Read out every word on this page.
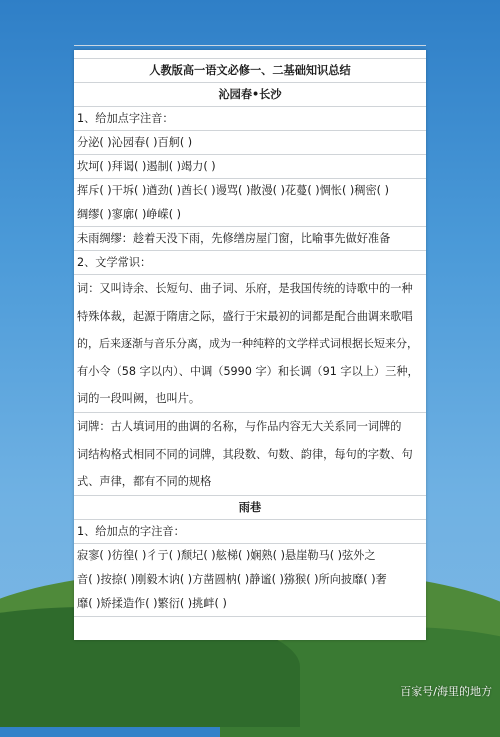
人教版高一语文必修一、二基础知识总结
沁园春•长沙
1、给加点字注音：
分泌( )沁园春( )百舸( )
坎坷( )拜谒( )遏制( )竭力( )
挥斥( )干坼( )遒劲( )酋长( )谩骂( )散漫( )花蔓( )惆怅( )稠密( )
绸缪( )寥廓( )峥嵘( )
未雨绸缪：趁着天没下雨，先修缮房屋门窗，比喻事先做好准备
2、文学常识：
词：又叫诗余、长短句、曲子词、乐府，是我国传统的诗歌中的一种
特殊体裁，起源于隋唐之际，盛行于宋最初的词都是配合曲调来歌唱
的，后来逐渐与音乐分离，成为一种纯粹的文学样式词根据长短来分，
有小令（58 字以内）、中调（5990 字）和长调（91 字以上）三种，
词的一段叫阙，也叫片。
词牌：古人填词用的曲调的名称，与作品内容无大关系同一词牌的
词结构格式相同不同的词牌，其段数、句数、韵律，每句的字数、句
式、声律，都有不同的规格
雨巷
1、给加点的字注音：
寂寥( )彷徨( )彳亍( )颓圮( )舷梯( )娴熟( )悬崖勒马( )弦外之
音( )按捺( )刚毅木讷( )方凿圆枘( )静谧( )猕猴( )所向披靡( )奢
靡( )矫揉造作( )繁衍( )挑衅( )
百家号/海里的地方
